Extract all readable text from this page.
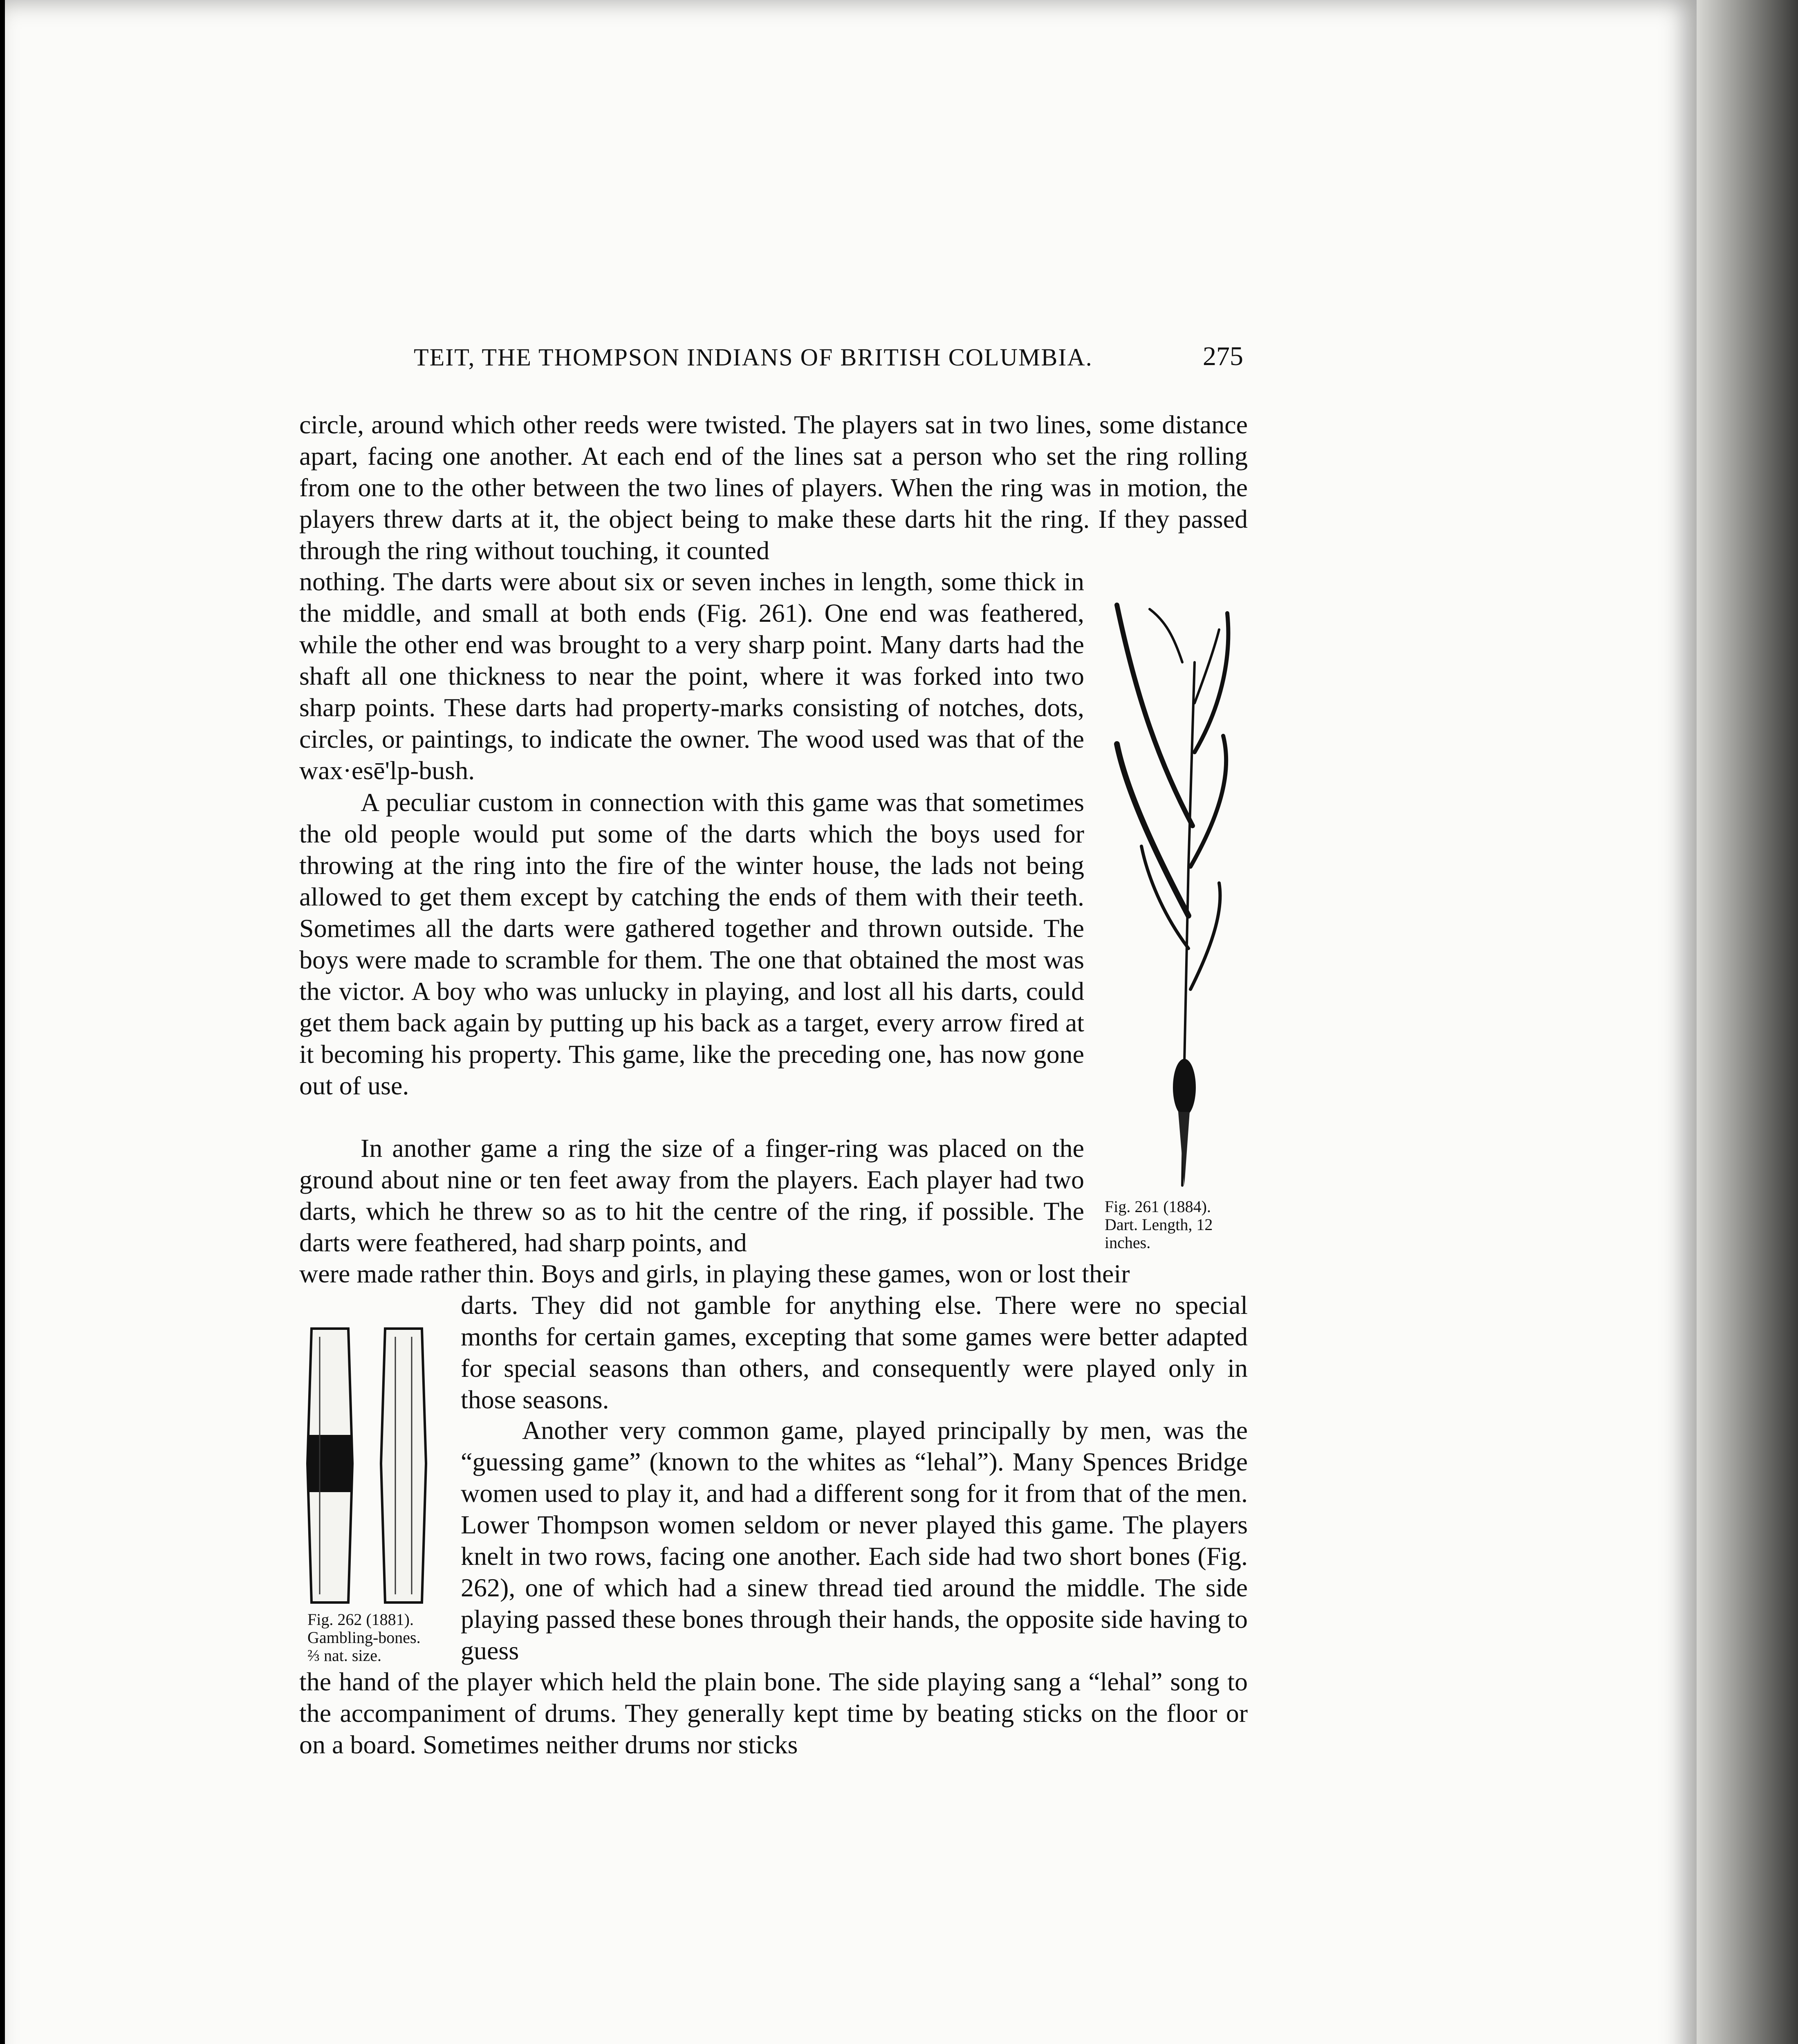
TEIT, THE THOMPSON INDIANS OF BRITISH COLUMBIA.	275
circle, around which other reeds were twisted. The players sat in two lines, some distance apart, facing one another. At each end of the lines sat a person who set the ring rolling from one to the other between the two lines of players. When the ring was in motion, the players threw darts at it, the object being to make these darts hit the ring. If they passed through the ring without touching, it counted
nothing. The darts were about six or seven inches in length, some thick in the middle, and small at both ends (Fig. 261). One end was feathered, while the other end was brought to a very sharp point. Many darts had the shaft all one thickness to near the point, where it was forked into two sharp points. These darts had property-marks consisting of notches, dots, circles, or paintings, to indicate the owner. The wood used was that of the wax·esē'lp-bush.
A peculiar custom in connection with this game was that sometimes the old people would put some of the darts which the boys used for throwing at the ring into the fire of the winter house, the lads not being allowed to get them except by catching the ends of them with their teeth. Sometimes all the darts were gathered together and thrown outside. The boys were made to scramble for them. The one that obtained the most was the victor. A boy who was unlucky in playing, and lost all his darts, could get them back again by putting up his back as a target, every arrow fired at it becoming his property. This game, like the preceding one, has now gone out of use.
In another game a ring the size of a finger-ring was placed on the ground about nine or ten feet away from the players. Each player had two darts, which he threw so as to hit the centre of the ring, if possible. The darts were feathered, had sharp points, and
were made rather thin. Boys and girls, in playing these games, won or lost their
darts. They did not gamble for anything else. There were no special months for certain games, excepting that some games were better adapted for special seasons than others, and consequently were played only in those seasons.
Another very common game, played principally by men, was the “guessing game” (known to the whites as “lehal”). Many Spences Bridge women used to play it, and had a different song for it from that of the men. Lower Thompson women seldom or never played this game. The players knelt in two rows, facing one another. Each side had two short bones (Fig. 262), one of which had a sinew thread tied around the middle. The side playing passed these bones through their hands, the opposite side having to guess
the hand of the player which held the plain bone. The side playing sang a “lehal” song to the accompaniment of drums. They generally kept time by beating sticks on the floor or on a board. Sometimes neither drums nor sticks
Fig. 261 (1884).
Dart. Length, 12
inches.
Fig. 262 (1881).
Gambling-bones.
⅔ nat. size.
